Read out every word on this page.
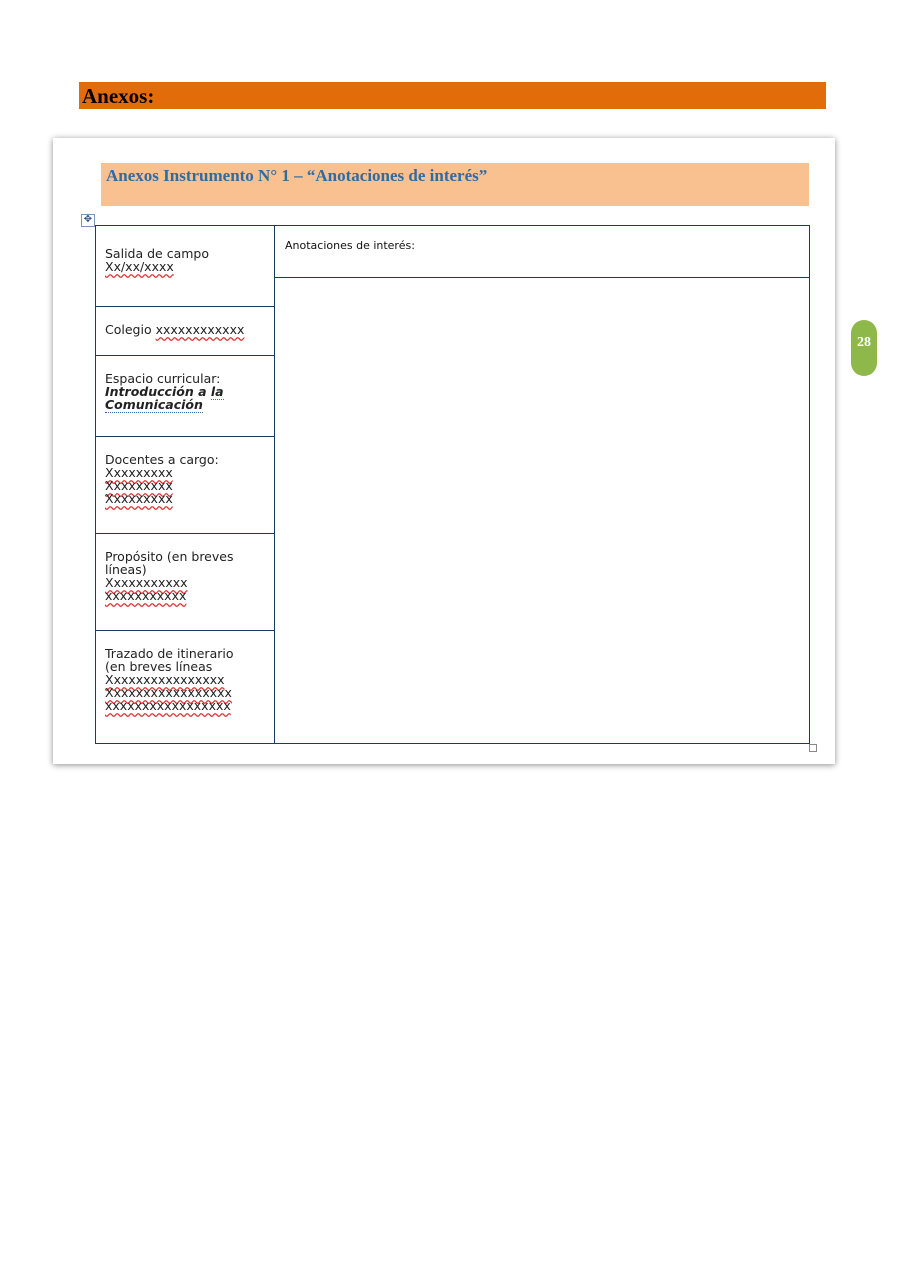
Anexos:
Anexos Instrumento N° 1 – “Anotaciones de interés”
✥
Salida de campo
Xx/xx/xxxx
Colegio xxxxxxxxxxxx
Espacio curricular:
Introducción a la
Comunicación
Docentes a cargo:
Xxxxxxxxx
Xxxxxxxxx
Xxxxxxxxx
Propósito (en breves
líneas)
Xxxxxxxxxxx
xxxxxxxxxxx
Trazado de itinerario
(en breves líneas
Xxxxxxxxxxxxxxxx
Xxxxxxxxxxxxxxxxx
xxxxxxxxxxxxxxxxx
Anotaciones de interés:
28
